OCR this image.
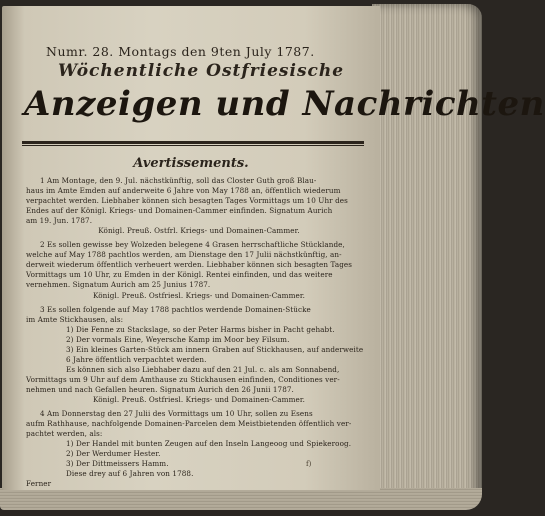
Numr. 28. Montags den 9ten July 1787.
Wöchentliche Ostfriesische
Anzeigen und Nachrichten
Avertissements.
1 Am Montage, den 9. Jul. nächstkünftig, soll das Closter Guth groß Blau-
haus im Amte Emden auf anderweite 6 Jahre von May 1788 an, öffentlich wiederum
verpachtet werden. Liebhaber können sich besagten Tages Vormittags um 10 Uhr des
Endes auf der Königl. Kriegs- und Domainen-Cammer einfinden. Signatum Aurich
am 19. Jun. 1787.
Königl. Preuß. Ostfrl. Kriegs- und Domainen-Cammer.
2 Es sollen gewisse bey Wolzeden belegene 4 Grasen herrschaftliche Stücklande,
welche auf May 1788 pachtlos werden, am Dienstage den 17 Julii nächstkünftig, an-
derweit wiederum öffentlich verheuert werden. Liebhaber können sich besagten Tages
Vormittags um 10 Uhr, zu Emden in der Königl. Rentei einfinden, und das weitere
vernehmen. Signatum Aurich am 25 Junius 1787.
Königl. Preuß. Ostfriesl. Kriegs- und Domainen-Cammer.
3 Es sollen folgende auf May 1788 pachtlos werdende Domainen-Stücke
im Amte Stickhausen, als:
1) Die Fenne zu Stackslage, so der Peter Harms bisher in Pacht gehabt.
2) Der vormals Eine, Weyersche Kamp im Moor bey Filsum.
3) Ein kleines Garten-Stück am innern Graben auf Stickhausen, auf anderweite
6 Jahre öffentlich verpachtet werden.
Es können sich also Liebhaber dazu auf den 21 Jul. c. als am Sonnabend,
Vormittags um 9 Uhr auf dem Amthause zu Stickhausen einfinden, Conditiones ver-
nehmen und nach Gefallen heuren. Signatum Aurich den 26 Junii 1787.
Königl. Preuß. Ostfriesl. Kriegs- und Domainen-Cammer.
4 Am Donnerstag den 27 Julii des Vormittags um 10 Uhr, sollen zu Esens
aufm Rathhause, nachfolgende Domainen-Parcelen dem Meistbietenden öffentlich ver-
pachtet werden, als:
1) Der Handel mit bunten Zeugen auf den Inseln Langeoog und Spiekeroog.
2) Der Werdumer Hester.
3) Der Dittmeissers Hamm.
Diese drey auf 6 Jahren von 1788.
Ferner
f)
